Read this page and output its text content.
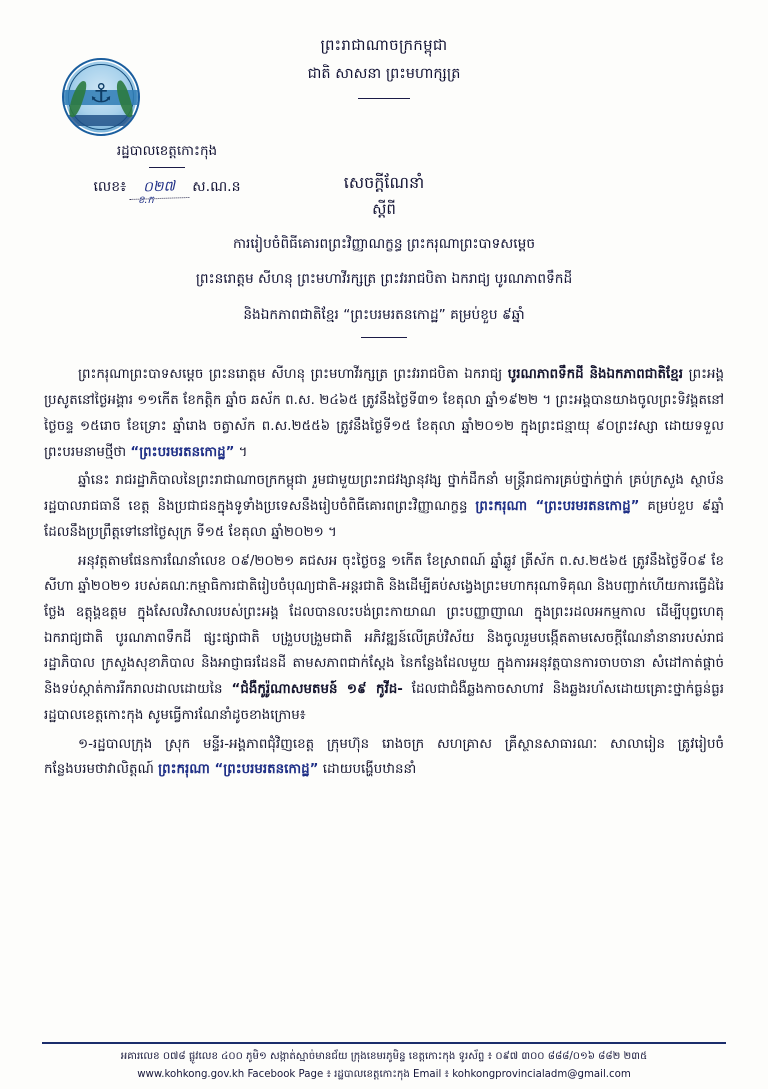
⚓
ព្រះរាជាណាចក្រកម្ពុជា
ជាតិ សាសនា ព្រះមហាក្សត្រ
រដ្ឋបាលខេត្តកោះកុង
លេខ៖	០២៧	ស.ណ.ន
ខ.ក
សេចក្តីណែនាំ
ស្តីពី
ការរៀបចំពិធីគោរពព្រះវិញ្ញាណក្ខន្ធ ព្រះករុណាព្រះបាទសម្តេច
ព្រះនរោត្តម សីហនុ ព្រះមហាវីរក្សត្រ ព្រះវររាជបិតា ឯករាជ្យ បូរណភាពទឹកដី
និងឯកភាពជាតិខ្មែរ “ព្រះបរមរតនកោដ្ឋ” គម្រប់ខួប ៩ឆ្នាំ
ព្រះករុណាព្រះបាទសម្តេច ព្រះនរោត្តម សីហនុ ព្រះមហាវីរក្សត្រ ព្រះវររាជបិតា ឯករាជ្យ បូរណភាពទឹកដី និងឯកភាពជាតិខ្មែរ ព្រះអង្គប្រសូតនៅថ្ងៃអង្គារ ១១កើត ខែកត្តិក ឆ្នាំច ឆស័ក ព.ស. ២៤៦៥ ត្រូវនឹងថ្ងៃទី៣១ ខែតុលា ឆ្នាំ១៩២២ ។ ព្រះអង្គបានយាងចូលព្រះទិវង្គតនៅថ្ងៃចន្ទ ១៥រោច ខែទ្រោះ ឆ្នាំរោង ចត្វាស័ក ព.ស.២៥៥៦ ត្រូវនឹងថ្ងៃទី១៥ ខែតុលា ឆ្នាំ២០១២ ក្នុងព្រះជន្មាយុ ៩០ព្រះវស្សា ដោយទទួលព្រះបរមនាមថ្មីថា “ព្រះបរមរតនកោដ្ឋ” ។
ឆ្នាំនេះ រាជរដ្ឋាភិបាលនៃព្រះរាជាណាចក្រកម្ពុជា រួមជាមួយព្រះរាជវង្សានុវង្ស ថ្នាក់ដឹកនាំ មន្ត្រីរាជការគ្រប់ថ្នាក់ថ្នាក់ គ្រប់ក្រសួង ស្ថាប័ន រដ្ឋបាលរាជធានី ខេត្ត និងប្រជាជនក្នុងទូទាំងប្រទេសនឹងរៀបចំពិធីគោរពព្រះវិញ្ញាណក្ខន្ធ ព្រះករុណា “ព្រះបរមរតនកោដ្ឋ” គម្រប់ខួប ៩ឆ្នាំ ដែលនឹងប្រព្រឹត្តទៅនៅថ្ងៃសុក្រ ទី១៥ ខែតុលា ឆ្នាំ២០២១ ។
អនុវត្តតាមផែនការណែនាំលេខ ០៩/២០២១ គជសអ ចុះថ្ងៃចន្ទ ១កើត ខែស្រាពណ៍ ឆ្នាំឆ្លូវ ត្រីស័ក ព.ស.២៥៦៥ ត្រូវនឹងថ្ងៃទី០៩ ខែសីហា ឆ្នាំ២០២១ របស់គណៈកម្មាធិការជាតិរៀបចំបុណ្យជាតិ-អន្តរជាតិ និងដើម្បីគប់សង្វេងព្រះមហាករុណាទិគុណ និងបញ្ជាក់ហើយការធ្វើដំរៃថ្លែង ឧត្តុង្គឧត្តម ក្នុងសែលវិសាលរបស់ព្រះអង្គ ដែលបានលះបង់ព្រះកាយាណ ព្រះបញ្ញាញាណ ក្នុងព្រះរដលអកម្មកាល ដើម្បីបុព្វហេតុឯករាជ្យជាតិ បូរណភាពទឹកដី ផ្សះផ្សាជាតិ បង្រួបបង្រួមជាតិ អភិវឌ្ឍន៍លើគ្រប់វិស័យ និងចូលរួមបង្កើតតាមសេចក្តីណែនាំនានារបស់រាជរដ្ឋាភិបាល ក្រសួងសុខាភិបាល និងអាជ្ញាធរដែនដី តាមសភាពជាក់ស្តែង នៃកន្លែងដែលមួយ ក្នុងការអនុវត្តបានការចាបចានា សំដៅកាត់ផ្តាច់ និងទប់ស្កាត់ការរីករាលដាលដោយនៃ “ជំងឺកូរ៉ូណាសមតមន៍ ១៩ កូវីដ- ដែលជាជំងឺឆ្លងកាចសាហាវ និងឆ្លងរហ័សដោយគ្រោះថ្នាក់ធ្ងន់ធ្ងរ រដ្ឋបាលខេត្តកោះកុង សូមធ្វើការណែនាំដូចខាងក្រោម៖
១-រដ្ឋបាលក្រុង ស្រុក មន្ទីរ-អង្គភាពជុំវិញខេត្ត ក្រុមហ៊ុន រោងចក្រ សហគ្រាស គ្រឺស្ថានសាធារណៈ សាលារៀន ត្រូវរៀបចំកន្លែងបរមថាវាលិត្តណ៍ ព្រះករុណា “ព្រះបរមរតនកោដ្ឋ” ដោយបង្ហើបឋាននាំ
អគារលេខ ០៧៨ ផ្លូវលេខ ៤០០ ភូមិ១ សង្កាត់ស្មាច់មានជ័យ ក្រុងខេមរភូមិន្ទ ខេត្តកោះកុង ទូរស័ព្ទ ៖ ០៩៧ ៣០០ ៨៨៨/០១៦ ៨៨២ ២៣៥
www.kohkong.gov.kh Facebook Page ៖ រដ្ឋបាលខេត្តកោះកុង Email ៖ kohkongprovincialadm@gmail.com
